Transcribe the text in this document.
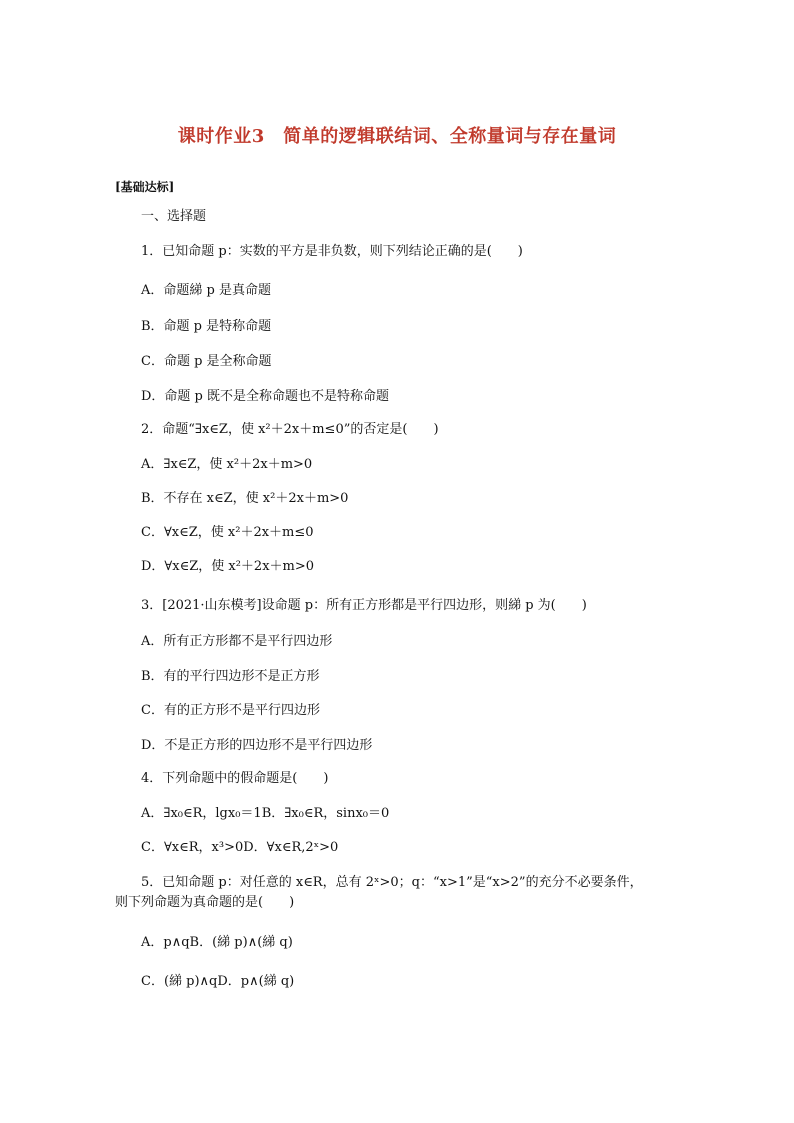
课时作业3　简单的逻辑联结词、全称量词与存在量词
[基础达标]
一、选择题
1．已知命题 p：实数的平方是非负数，则下列结论正确的是(　　)
A．命题綈 p 是真命题
B．命题 p 是特称命题
C．命题 p 是全称命题
D．命题 p 既不是全称命题也不是特称命题
2．命题“∃x∈Z，使 x²＋2x＋m≤0”的否定是(　　)
A．∃x∈Z，使 x²＋2x＋m>0
B．不存在 x∈Z，使 x²＋2x＋m>0
C．∀x∈Z，使 x²＋2x＋m≤0
D．∀x∈Z，使 x²＋2x＋m>0
3．[2021·山东模考]设命题 p：所有正方形都是平行四边形，则綈 p 为(　　)
A．所有正方形都不是平行四边形
B．有的平行四边形不是正方形
C．有的正方形不是平行四边形
D．不是正方形的四边形不是平行四边形
4．下列命题中的假命题是(　　)
A．∃x₀∈R，lgx₀＝1B．∃x₀∈R，sinx₀＝0
C．∀x∈R，x³>0D．∀x∈R,2ˣ>0
5．已知命题 p：对任意的 x∈R，总有 2ˣ>0；q：“x>1”是“x>2”的充分不必要条件，
A．p∧qB．(綈 p)∧(綈 q)
C．(綈 p)∧qD．p∧(綈 q)
则下列命题为真命题的是(　　)
